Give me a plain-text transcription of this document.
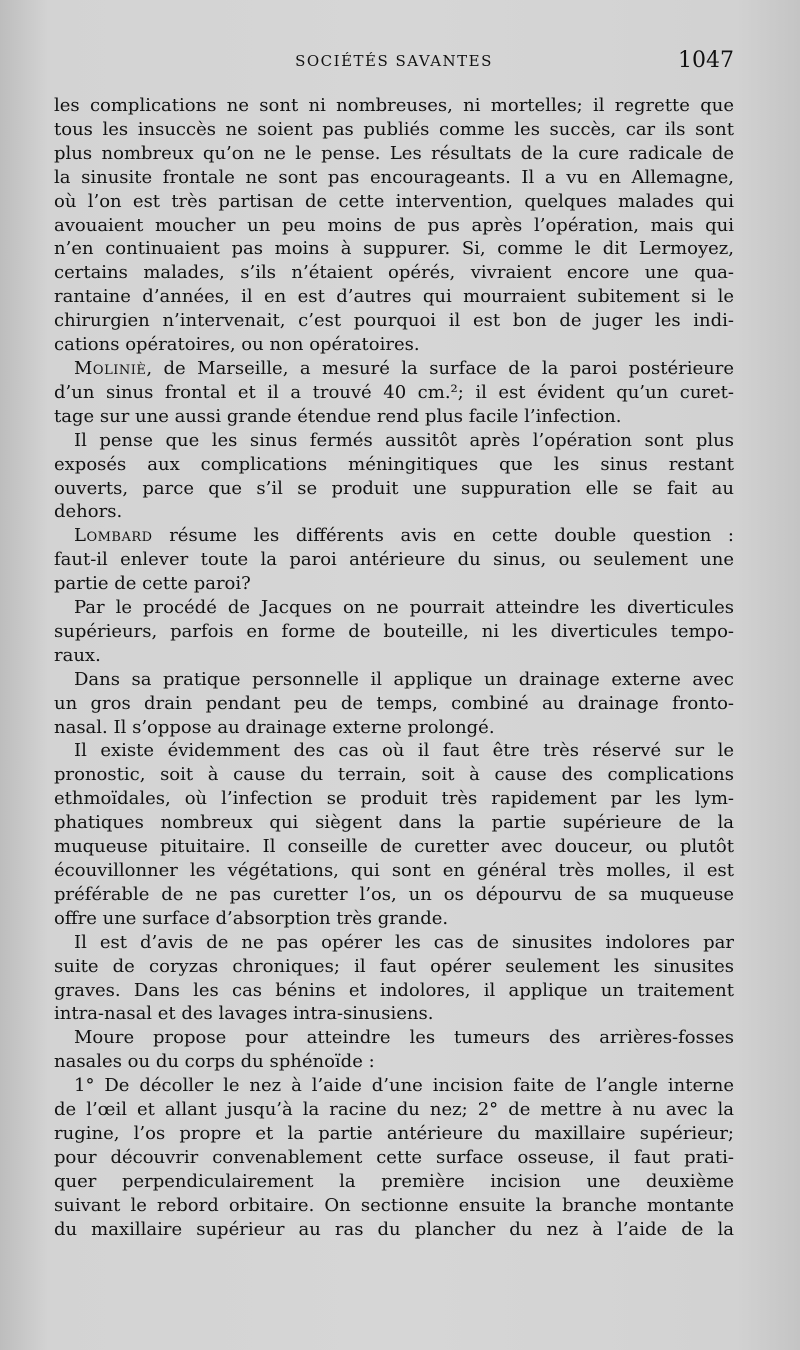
SOCIÉTÉS SAVANTES	1047
les complications ne sont ni nombreuses, ni mortelles; il regrette que
tous les insuccès ne soient pas publiés comme les succès, car ils sont
plus nombreux qu’on ne le pense. Les résultats de la cure radicale de
la sinusite frontale ne sont pas encourageants. Il a vu en Allemagne,
où l’on est très partisan de cette intervention, quelques malades qui
avouaient moucher un peu moins de pus après l’opération, mais qui
n’en continuaient pas moins à suppurer. Si, comme le dit Lermoyez,
certains malades, s’ils n’étaient opérés, vivraient encore une qua-
rantaine d’années, il en est d’autres qui mourraient subitement si le
chirurgien n’intervenait, c’est pourquoi il est bon de juger les indi-
cations opératoires, ou non opératoires.
Moliniè, de Marseille, a mesuré la surface de la paroi postérieure
d’un sinus frontal et il a trouvé 40 cm.²; il est évident qu’un curet-
tage sur une aussi grande étendue rend plus facile l’infection.
Il pense que les sinus fermés aussitôt après l’opération sont plus
exposés aux complications méningitiques que les sinus restant
ouverts, parce que s’il se produit une suppuration elle se fait au
dehors.
Lombard résume les différents avis en cette double question :
faut-il enlever toute la paroi antérieure du sinus, ou seulement une
partie de cette paroi?
Par le procédé de Jacques on ne pourrait atteindre les diverticules
supérieurs, parfois en forme de bouteille, ni les diverticules tempo-
raux.
Dans sa pratique personnelle il applique un drainage externe avec
un gros drain pendant peu de temps, combiné au drainage fronto-
nasal. Il s’oppose au drainage externe prolongé.
Il existe évidemment des cas où il faut être très réservé sur le
pronostic, soit à cause du terrain, soit à cause des complications
ethmoïdales, où l’infection se produit très rapidement par les lym-
phatiques nombreux qui siègent dans la partie supérieure de la
muqueuse pituitaire. Il conseille de curetter avec douceur, ou plutôt
écouvillonner les végétations, qui sont en général très molles, il est
préférable de ne pas curetter l’os, un os dépourvu de sa muqueuse
offre une surface d’absorption très grande.
Il est d’avis de ne pas opérer les cas de sinusites indolores par
suite de coryzas chroniques; il faut opérer seulement les sinusites
graves. Dans les cas bénins et indolores, il applique un traitement
intra-nasal et des lavages intra-sinusiens.
Moure propose pour atteindre les tumeurs des arrières-fosses
nasales ou du corps du sphénoïde :
1° De décoller le nez à l’aide d’une incision faite de l’angle interne
de l’œil et allant jusqu’à la racine du nez; 2° de mettre à nu avec la
rugine, l’os propre et la partie antérieure du maxillaire supérieur;
pour découvrir convenablement cette surface osseuse, il faut prati-
quer perpendiculairement la première incision une deuxième
suivant le rebord orbitaire. On sectionne ensuite la branche montante
du maxillaire supérieur au ras du plancher du nez à l’aide de la
